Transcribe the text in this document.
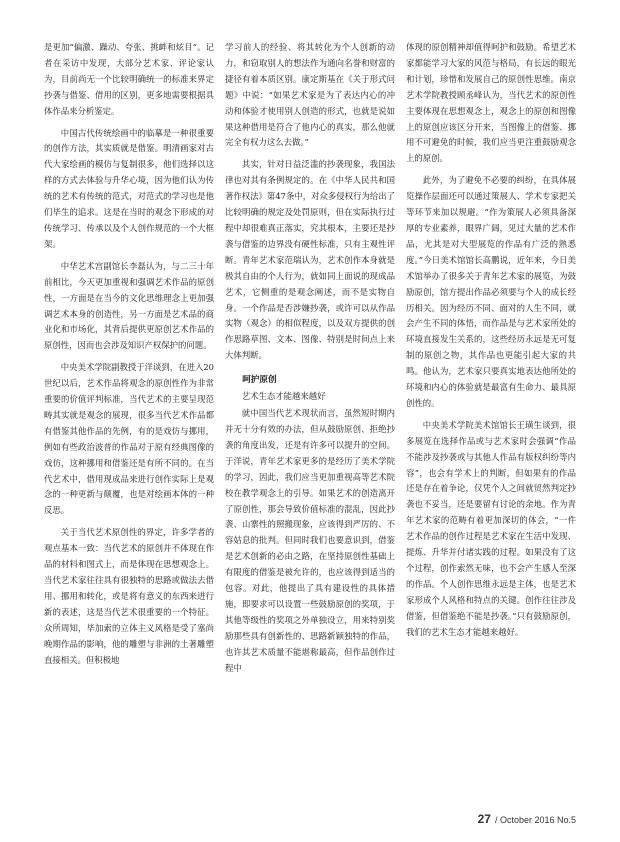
是更加“偏激、躁动、夸张、挑衅和炫目”。记者在采访中发现，大部分艺术家、评论家认为，目前尚无一个比较明确统一的标准来界定抄袭与借鉴、借用的区别，更多地需要根据具体作品来分析鉴定。

中国古代传统绘画中的临摹是一种很重要的创作方法，其实质就是借鉴。明清画家对古代大家绘画的模仿与复制很多，他们选择以这样的方式去体验与升华心境，因为他们认为传统的艺术有传统的范式，对范式的学习也是他们毕生的追求。这是在当时的观念下形成的对传统学习、传承以及个人创作规范的一个大框架。

中华艺术宫副馆长李磊认为，与二三十年前相比，今天更加重视和强调艺术作品的原创性，一方面是在当今的文化思维理念上更加强调艺术本身的创造性，另一方面是艺术品的商业化和市场化，其背后提供更原创艺术作品的原创性，因而也会涉及知识产权保护的问题。

中央美术学院副教授于洋谈到，在进入20世纪以后，艺术作品将观念的原创性作为非常重要的价值评判标准，当代艺术的主要呈现范畴其实就是观念的展现，很多当代艺术作品都有借鉴其他作品的先例，有的是戏仿与挪用，例如有些政治波普的作品对于原有经典图像的戏仿，这种挪用和借鉴还是有所不同的。在当代艺术中，借用现成品来进行创作实际上是观念的一种更新与颠覆，也是对绘画本体的一种反思。

关于当代艺术原创性的界定，许多学者的观点基本一致：当代艺术的原创并不体现在作品的材料和图式上，而是体现在思想观念上。当代艺术家往往具有很独特的思路或做法去借用、挪用和转化，或是将有意义的东西来进行新的表述，这是当代艺术很重要的一个特征。众所周知，毕加索的立体主义风格是受了塞尚晚期作品的影响，他的雕塑与非洲的土著雕塑直接相关。但积极地

学习前人的经验、将其转化为个人创新的动力，和窃取别人的想法作为通向名誉和财富的捷径有着本质区别。康定斯基在《关于形式问题》中说：“如果艺术家是为了表达内心的冲动和体验才使用别人创造的形式，也就是说如果这种借用是符合了他内心的真实，那么他就完全有权力这么去做。”

其实，针对日益泛滥的抄袭现象，我国法律也对其有条例规定的。在《中华人民共和国著作权法》第47条中，对众多侵权行为给出了比较明确的规定及处罚原则，但在实际执行过程中却很难真正落实，究其根本，主要还是抄袭与借鉴的边界没有硬性标准，只有主观性评断。青年艺术家范瑞认为，艺术创作本身就是极其自由的个人行为，就如同上面说的现成品艺术，它侧重的是观念阐述，而不是实物自身。一个作品是否涉嫌抄袭，或许可以从作品实物（观念）的相似程度，以及双方提供的创作思路草图、文本、图像、特别是时间点上来大体判断。

呵护原创
艺术生态才能越来越好

就中国当代艺术现状而言，虽然短时期内并无十分有效的办法，但从鼓励原创、拒绝抄袭的角度出发，还是有许多可以提升的空间。于洋说，青年艺术家更多的是经历了美术学院的学习，因此，我们应当更加重视高等艺术院校在教学观念上的引导。如果艺术的创造离开了原创性，那会导致价值标准的混乱，因此抄袭、山寨性的照搬现象，应该得到严厉的、不容姑息的批判。但同时我们也要意识到，借鉴是艺术创新的必由之路，在坚持原创性基础上有限度的借鉴是被允许的，也应该得到适当的包容。对此，他提出了具有建设性的具体措施，即要求可以设置一些鼓励原创的奖项，于其他等级性的奖项之外单独设立，用来特别奖励那些具有创新性的、思路新颖独特的作品，也许其艺术质量不能堪称最高，但作品创作过程中

体现的原创精神却值得呵护和鼓励。希望艺术家都能学习大家的风范与格局，有长远的眼光和计划，珍惜和发展自己的原创性思维。南京艺术学院教授顾丞峰认为，当代艺术的原创性主要体现在思想观念上，观念上的原创和图像上的原创应该区分开来，当图像上的借鉴、挪用不可避免的时候，我们应当更注重鼓励观念上的原创。

此外，为了避免不必要的纠纷，在具体展览操作层面还可以通过策展人、学术专家把关等环节来加以规避。“作为策展人必须具备深厚的专业素养，眼界广阔，见过大量的艺术作品，尤其是对大型展览的作品有广泛的熟悉度。”今日美术馆馆长高鹏说，近年来，今日美术馆举办了很多关于青年艺术家的展览，为鼓励原创，馆方提出作品必须要与个人的成长经历相关。因为经历不同、面对的人生不同，就会产生不同的体悟，而作品是与艺术家所处的环境直接发生关系的，这些经历永远是无可复制的原创之物，其作品也更能引起大家的共鸣。他认为，艺术家只要真实地表达他所处的环境和内心的体验就是最富有生命力、最具原创性的。

中央美术学院美术馆馆长王璜生谈到，很多展览在选择作品或与艺术家时会强调“作品不能涉及抄袭或与其他人作品有版权纠纷等内容”，也会有学术上的判断，但如果有的作品还是存在着争论，仅凭个人之间就贸然判定抄袭也不妥当，还是要留有讨论的余地。作为青年艺术家的范畴有着更加深切的体会，“一件艺术作品的创作过程是艺术家在生活中发现、提炼、升华并付诸实践的过程。如果没有了这个过程，创作索然无味，也不会产生感人至深的作品。个人创作思维永远是主体，也是艺术家形成个人风格和特点的关键。创作往往涉及借鉴，但借鉴绝不能是抄袭。”只有鼓励原创，我们的艺术生态才能越来越好。

27 / October 2016 No.5
